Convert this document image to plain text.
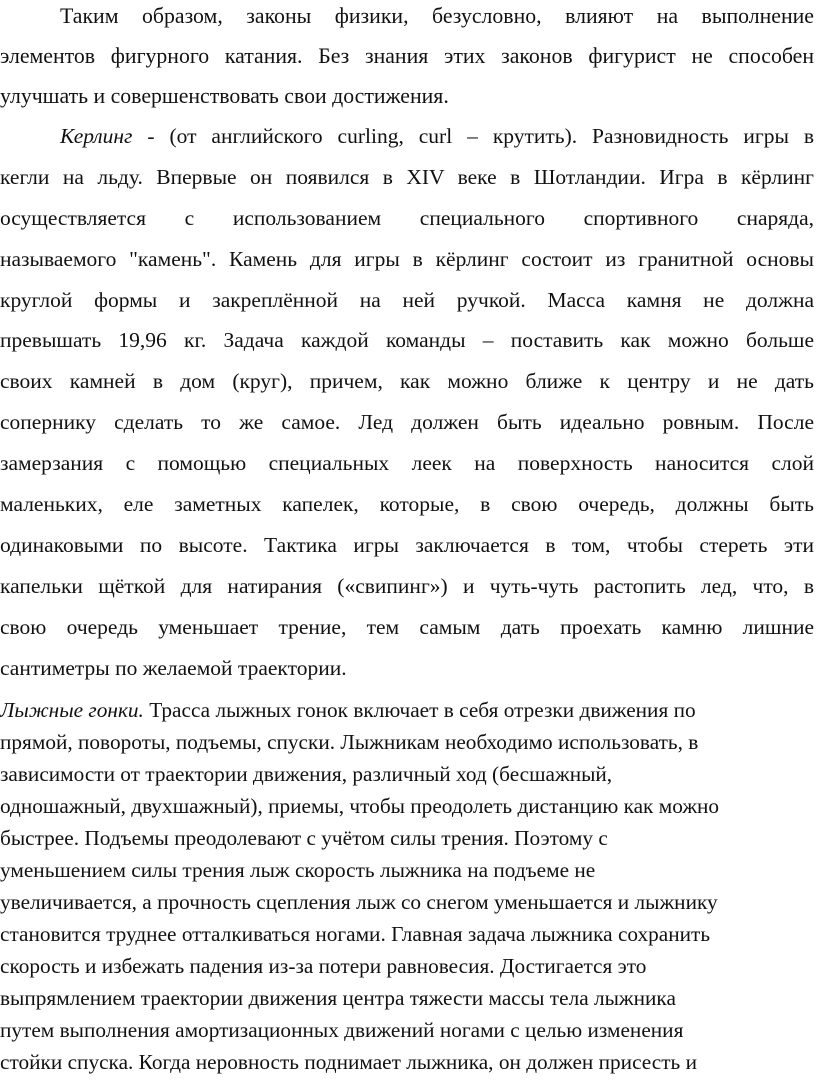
Таким образом, законы физики, безусловно, влияют на выполнение
элементов фигурного катания. Без знания этих законов фигурист не способен
улучшать и совершенствовать свои достижения.
Керлинг - (от английского curling, curl – крутить). Разновидность игры в
кегли на льду. Впервые он появился в XIV веке в Шотландии. Игра в кёрлинг
осуществляется с использованием специального спортивного снаряда,
называемого "камень". Камень для игры в кёрлинг состоит из гранитной основы
круглой формы и закреплённой на ней ручкой. Масса камня не должна
превышать 19,96 кг. Задача каждой команды – поставить как можно больше
своих камней в дом (круг), причем, как можно ближе к центру и не дать
сопернику сделать то же самое. Лед должен быть идеально ровным. После
замерзания с помощью специальных леек на поверхность наносится слой
маленьких, еле заметных капелек, которые, в свою очередь, должны быть
одинаковыми по высоте. Тактика игры заключается в том, чтобы стереть эти
капельки щёткой для натирания («свипинг») и чуть-чуть растопить лед, что, в
свою очередь уменьшает трение, тем самым дать проехать камню лишние
сантиметры по желаемой траектории.
Лыжные гонки. Трасса лыжных гонок включает в себя отрезки движения по
прямой, повороты, подъемы, спуски. Лыжникам необходимо использовать, в
зависимости от траектории движения, различный ход (бесшажный,
одношажный, двухшажный), приемы, чтобы преодолеть дистанцию как можно
быстрее. Подъемы преодолевают с учётом силы трения. Поэтому с
уменьшением силы трения лыж скорость лыжника на подъеме не
увеличивается, а прочность сцепления лыж со снегом уменьшается и лыжнику
становится труднее отталкиваться ногами. Главная задача лыжника сохранить
скорость и избежать падения из-за потери равновесия. Достигается это
выпрямлением траектории движения центра тяжести массы тела лыжника
путем выполнения амортизационных движений ногами с целью изменения
стойки спуска. Когда неровность поднимает лыжника, он должен присесть и
